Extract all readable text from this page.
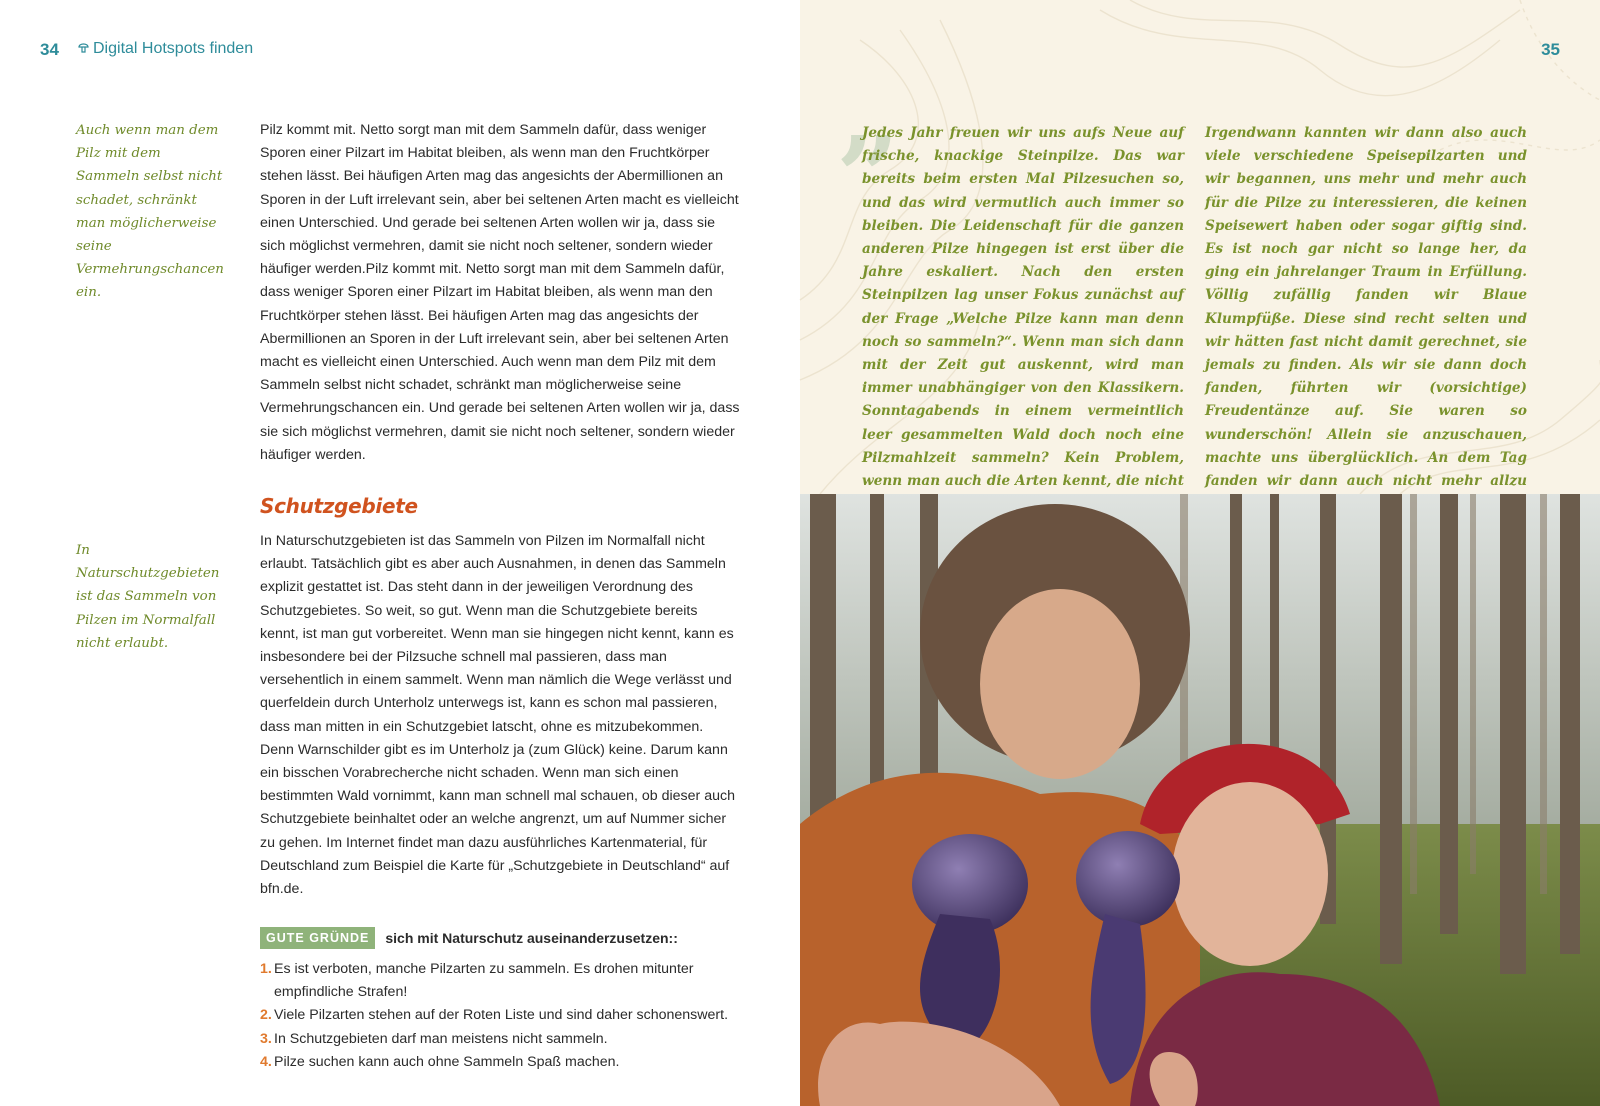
34	Digital Hotspots finden
Auch wenn man dem Pilz mit dem Sammeln selbst nicht schadet, schränkt man möglicherweise seine Vermehrungschancen ein.
In Naturschutzgebieten ist das Sammeln von Pilzen im Normalfall nicht erlaubt.
Pilz kommt mit. Netto sorgt man mit dem Sammeln dafür, dass weniger Sporen einer Pilzart im Habitat bleiben, als wenn man den Fruchtkörper stehen lässt. Bei häufigen Arten mag das angesichts der Abermillionen an Sporen in der Luft irrelevant sein, aber bei seltenen Arten macht es vielleicht einen Unterschied. Und gerade bei seltenen Arten wollen wir ja, dass sie sich möglichst vermehren, damit sie nicht noch seltener, sondern wieder häufiger werden.Pilz kommt mit. Netto sorgt man mit dem Sammeln dafür, dass weniger Sporen einer Pilzart im Habitat bleiben, als wenn man den Fruchtkörper stehen lässt. Bei häufigen Arten mag das angesichts der Abermillionen an Sporen in der Luft irrelevant sein, aber bei seltenen Arten macht es vielleicht einen Unterschied. Auch wenn man dem Pilz mit dem Sammeln selbst nicht schadet, schränkt man möglicherweise seine Vermehrungschancen ein. Und gerade bei seltenen Arten wollen wir ja, dass sie sich möglichst vermehren, damit sie nicht noch seltener, sondern wieder häufiger werden.
Schutzgebiete
In Naturschutzgebieten ist das Sammeln von Pilzen im Normalfall nicht erlaubt. Tatsächlich gibt es aber auch Ausnahmen, in denen das Sammeln explizit gestattet ist. Das steht dann in der jeweiligen Verordnung des Schutzgebietes. So weit, so gut. Wenn man die Schutzgebiete bereits kennt, ist man gut vorbereitet. Wenn man sie hingegen nicht kennt, kann es insbesondere bei der Pilzsuche schnell mal passieren, dass man versehentlich in einem sammelt. Wenn man nämlich die Wege verlässt und querfeldein durch Unterholz unterwegs ist, kann es schon mal passieren, dass man mitten in ein Schutzgebiet latscht, ohne es mitzubekommen. Denn Warnschilder gibt es im Unterholz ja (zum Glück) keine. Darum kann ein bisschen Vorabrecherche nicht schaden. Wenn man sich einen bestimmten Wald vornimmt, kann man schnell mal schauen, ob dieser auch Schutzgebiete beinhaltet oder an welche angrenzt, um auf Nummer sicher zu gehen. Im Internet findet man dazu ausführliches Kartenmaterial, für Deutschland zum Beispiel die Karte für „Schutzgebiete in Deutschland“ auf bfn.de.
GUTE GRÜNDE	sich mit Naturschutz auseinanderzusetzen::
1. Es ist verboten, manche Pilzarten zu sammeln. Es drohen mitunter empfindliche Strafen!
2. Viele Pilzarten stehen auf der Roten Liste und sind daher schonenswert.
3. In Schutzgebieten darf man meistens nicht sammeln.
4. Pilze suchen kann auch ohne Sammeln Spaß machen.
”
35
Jedes Jahr freuen wir uns aufs Neue auf frische, knackige Steinpilze. Das war bereits beim ersten Mal Pilzesuchen so, und das wird vermutlich auch immer so bleiben. Die Leidenschaft für die ganzen anderen Pilze hingegen ist erst über die Jahre eskaliert. Nach den ersten Steinpilzen lag unser Fokus zunächst auf der Frage „Welche Pilze kann man denn noch so sammeln?“. Wenn man sich dann mit der Zeit gut auskennt, wird man immer unabhängiger von den Klassikern. Sonntagabends in einem vermeintlich leer gesammelten Wald doch noch eine Pilzmahlzeit sammeln? Kein Problem, wenn man auch die Arten kennt, die nicht
Irgendwann kannten wir dann also auch viele verschiedene Speisepilzarten und wir begannen, uns mehr und mehr auch für die Pilze zu interessieren, die keinen Speisewert haben oder sogar giftig sind. Es ist noch gar nicht so lange her, da ging ein jahrelanger Traum in Erfüllung. Völlig zufällig fanden wir Blaue Klumpfüße. Diese sind recht selten und wir hätten fast nicht damit gerechnet, sie jemals zu finden. Als wir sie dann doch fanden, führten wir (vorsichtige) Freudentänze auf. Sie waren so wunderschön! Allein sie anzuschauen, machte uns überglücklich. An dem Tag fanden wir dann auch nicht mehr allzu
